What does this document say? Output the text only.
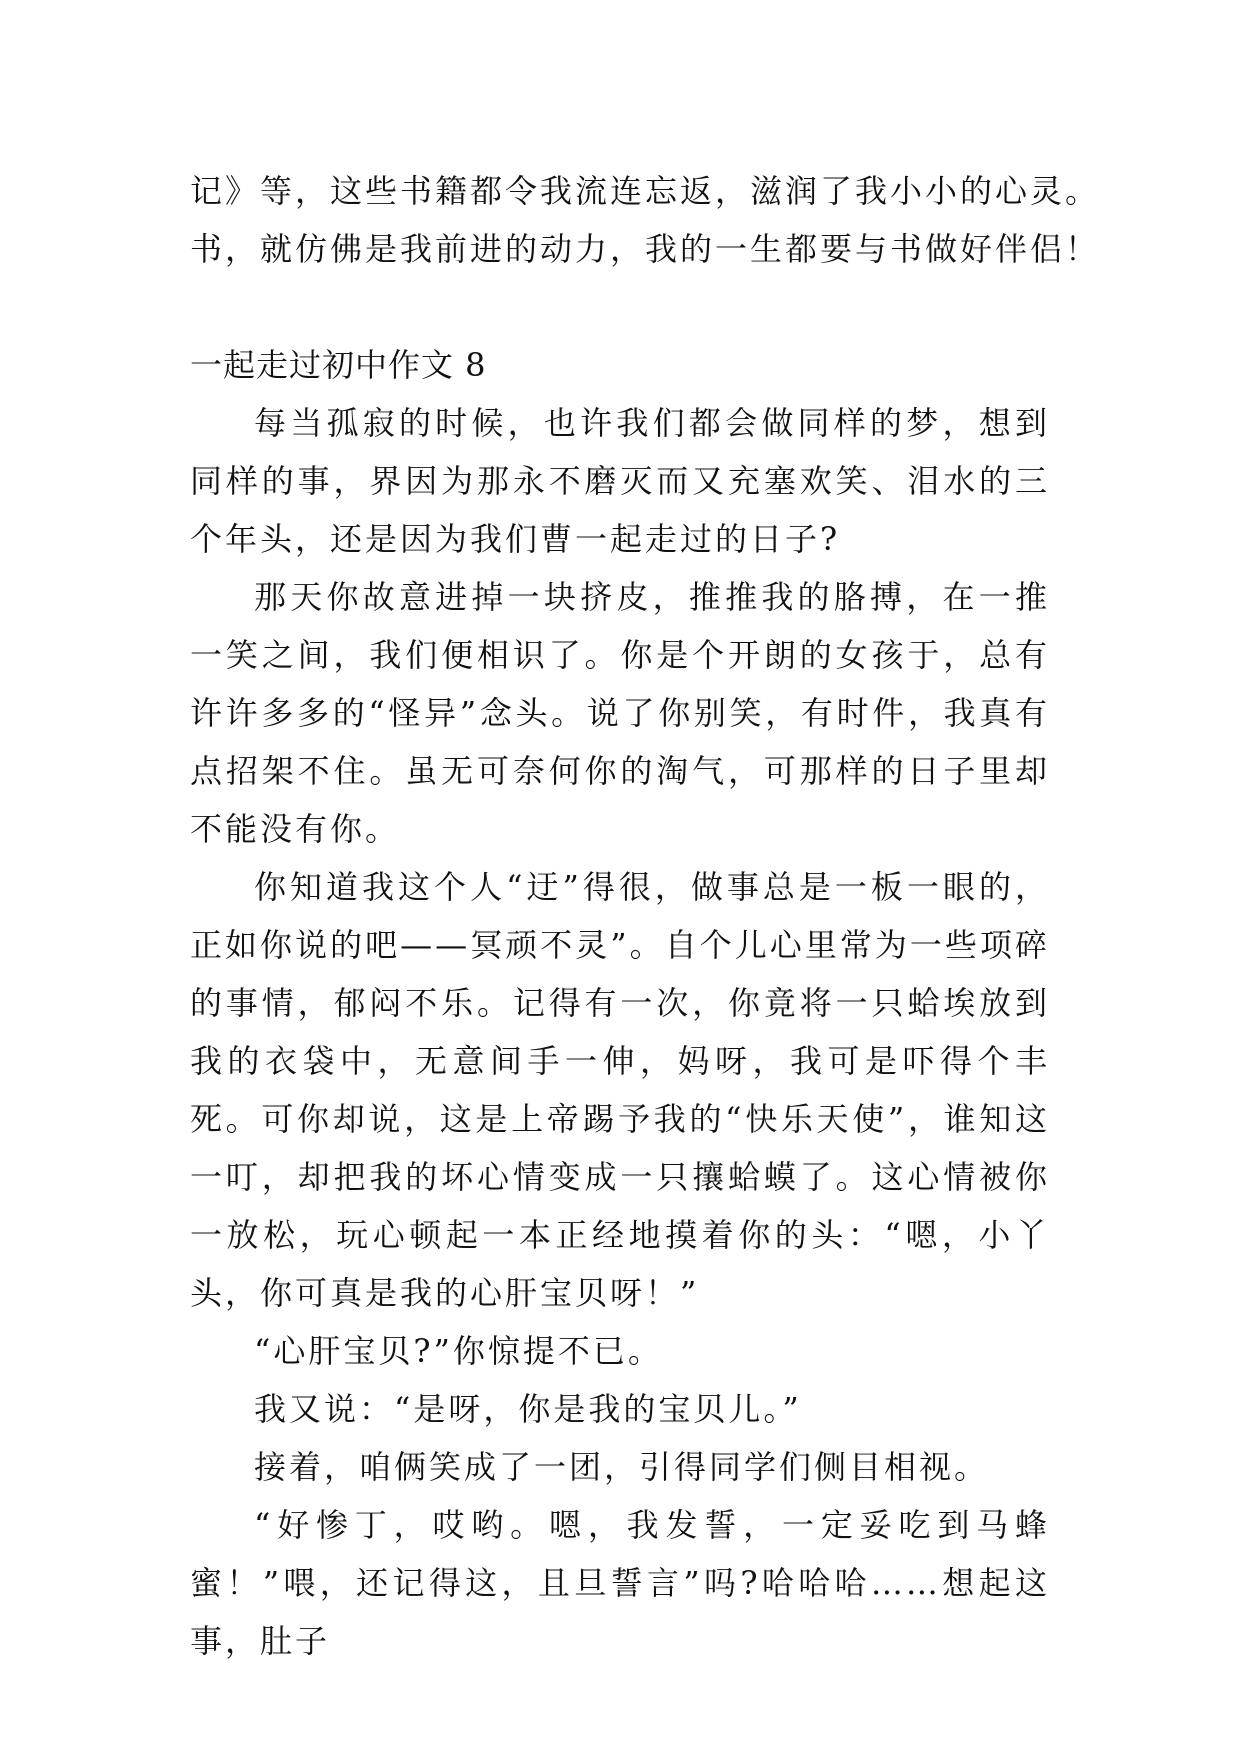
记》等，这些书籍都令我流连忘返，滋润了我小小的心灵。
书，就仿佛是我前进的动力，我的一生都要与书做好伴侣！
一起走过初中作文 8
每当孤寂的时候，也许我们都会做同样的梦，想到同样的事，界因为那永不磨灭而又充塞欢笑、泪水的三个年头，还是因为我们曹一起走过的日子?
那天你故意进掉一块挤皮，推推我的胳搏，在一推一笑之间，我们便相识了。你是个开朗的女孩于，总有许许多多的“怪异”念头。说了你别笑，有时件，我真有点招架不住。虽无可奈何你的淘气，可那样的日子里却不能没有你。
你知道我这个人“迂”得很，做事总是一板一眼的，正如你说的吧——冥顽不灵”。自个儿心里常为一些项碎的事情，郁闷不乐。记得有一次，你竟将一只蛤埃放到我的衣袋中，无意间手一伸，妈呀，我可是吓得个丰死。可你却说，这是上帝踢予我的“快乐天使”，谁知这一叮，却把我的坏心情变成一只攘蛤蟆了。这心情被你一放松，玩心顿起一本正经地摸着你的头：“嗯，小丫头，你可真是我的心肝宝贝呀！”
“心肝宝贝?”你惊提不已。
我又说：“是呀，你是我的宝贝儿。”
接着，咱俩笑成了一团，引得同学们侧目相视。
“好惨丁，哎哟。嗯，我发誓，一定妥吃到马蜂蜜！”喂，还记得这，且旦誓言”吗?哈哈哈……想起这事，肚子
